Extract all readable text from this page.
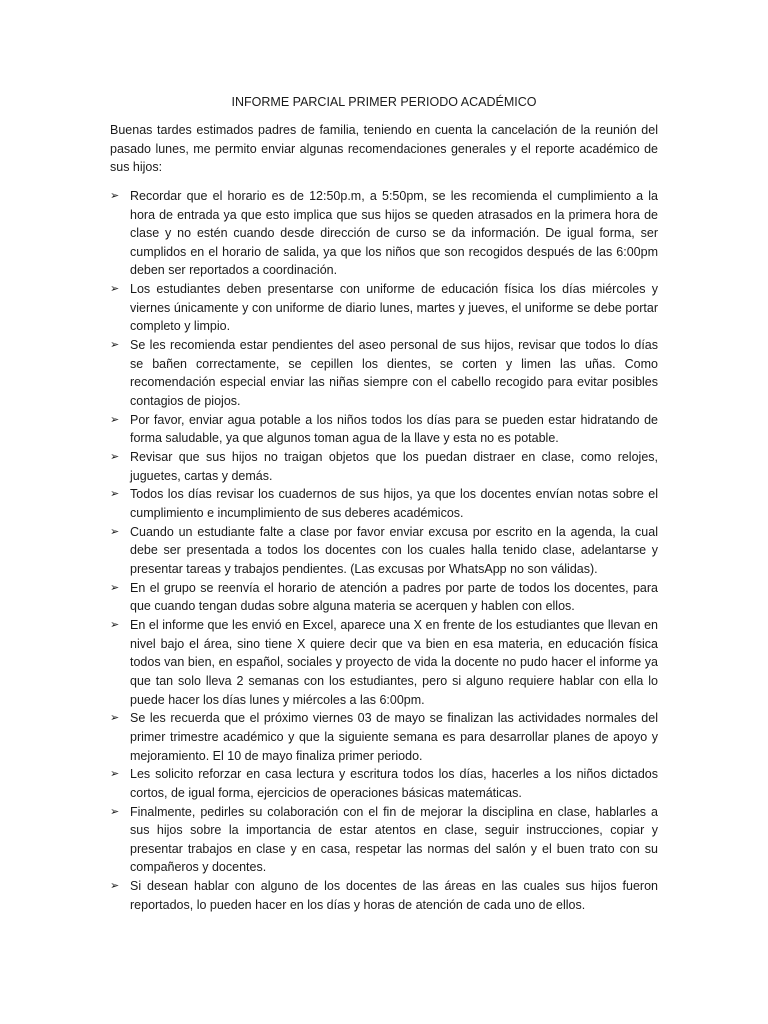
INFORME PARCIAL PRIMER PERIODO ACADÉMICO

Buenas tardes estimados padres de familia, teniendo en cuenta la cancelación de la reunión del pasado lunes, me permito enviar algunas recomendaciones generales y el reporte académico de sus hijos:

➢ Recordar que el horario es de 12:50p.m, a 5:50pm, se les recomienda el cumplimiento a la hora de entrada ya que esto implica que sus hijos se queden atrasados en la primera hora de clase y no estén cuando desde dirección de curso se da información. De igual forma, ser cumplidos en el horario de salida, ya que los niños que son recogidos después de las 6:00pm deben ser reportados a coordinación.
➢ Los estudiantes deben presentarse con uniforme de educación física los días miércoles y viernes únicamente y con uniforme de diario lunes, martes y jueves, el uniforme se debe portar completo y limpio.
➢ Se les recomienda estar pendientes del aseo personal de sus hijos, revisar que todos lo días se bañen correctamente, se cepillen los dientes, se corten y limen las uñas. Como recomendación especial enviar las niñas siempre con el cabello recogido para evitar posibles contagios de piojos.
➢ Por favor, enviar agua potable a los niños todos los días para se pueden estar hidratando de forma saludable, ya que algunos toman agua de la llave y esta no es potable.
➢ Revisar que sus hijos no traigan objetos que los puedan distraer en clase, como relojes, juguetes, cartas y demás.
➢ Todos los días revisar los cuadernos de sus hijos, ya que los docentes envían notas sobre el cumplimiento e incumplimiento de sus deberes académicos.
➢ Cuando un estudiante falte a clase por favor enviar excusa por escrito en la agenda, la cual debe ser presentada a todos los docentes con los cuales halla tenido clase, adelantarse y presentar tareas y trabajos pendientes. (Las excusas por WhatsApp no son válidas).
➢ En el grupo se reenvía el horario de atención a padres por parte de todos los docentes, para que cuando tengan dudas sobre alguna materia se acerquen y hablen con ellos.
➢ En el informe que les envió en Excel, aparece una X en frente de los estudiantes que llevan en nivel bajo el área, sino tiene X quiere decir que va bien en esa materia, en educación física todos van bien, en español, sociales y proyecto de vida la docente no pudo hacer el informe ya que tan solo lleva 2 semanas con los estudiantes, pero si alguno requiere hablar con ella lo puede hacer los días lunes y miércoles a las 6:00pm.
➢ Se les recuerda que el próximo viernes 03 de mayo se finalizan las actividades normales del primer trimestre académico y que la siguiente semana es para desarrollar planes de apoyo y mejoramiento. El 10 de mayo finaliza primer periodo.
➢ Les solicito reforzar en casa lectura y escritura todos los días, hacerles a los niños dictados cortos, de igual forma, ejercicios de operaciones básicas matemáticas.
➢ Finalmente, pedirles su colaboración con el fin de mejorar la disciplina en clase, hablarles a sus hijos sobre la importancia de estar atentos en clase, seguir instrucciones, copiar y presentar trabajos en clase y en casa, respetar las normas del salón y el buen trato con su compañeros y docentes.
➢ Si desean hablar con alguno de los docentes de las áreas en las cuales sus hijos fueron reportados, lo pueden hacer en los días y horas de atención de cada uno de ellos.
